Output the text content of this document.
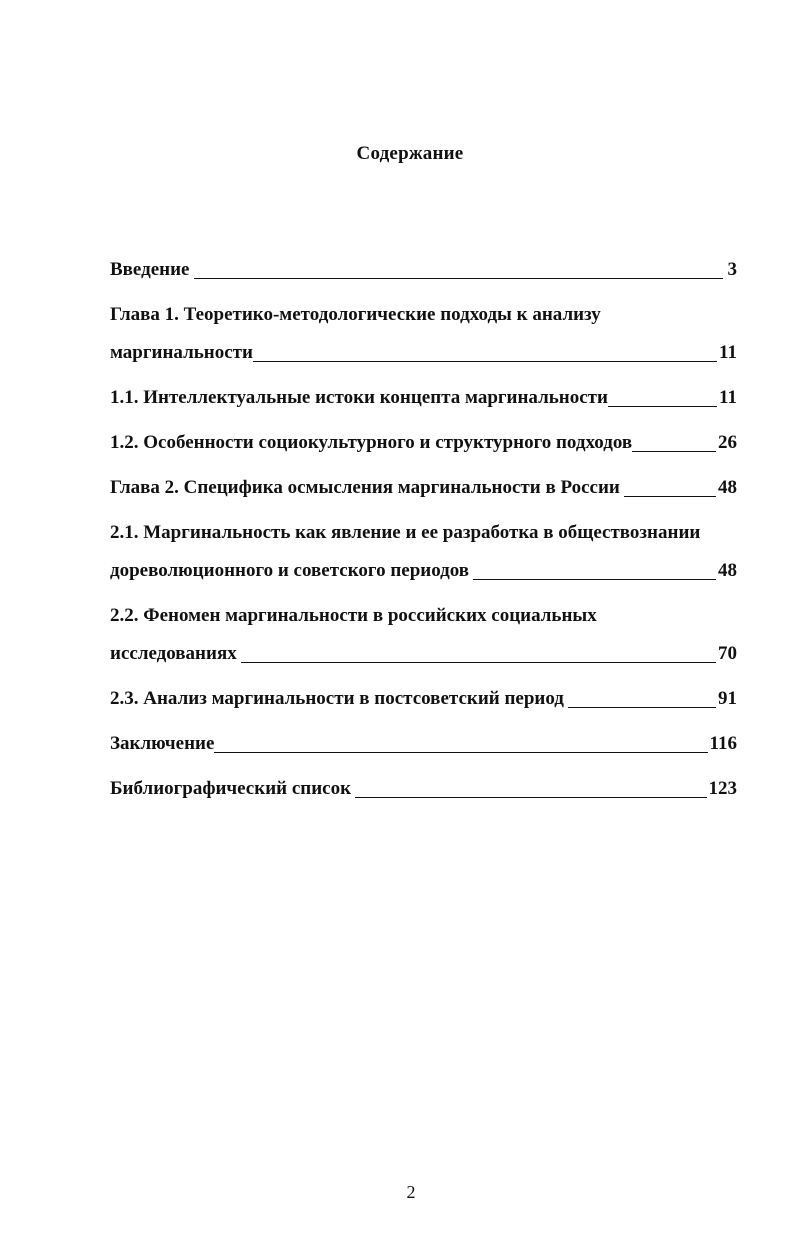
Содержание
Введение	3
Глава 1. Теоретико-методологические подходы к анализу
маргинальности	11
1.1. Интеллектуальные истоки концепта маргинальности	11
1.2. Особенности социокультурного и структурного подходов	26
Глава 2. Специфика осмысления маргинальности в России	48
2.1. Маргинальность как явление и ее разработка в обществознании
дореволюционного и советского периодов	48
2.2. Феномен маргинальности в российских социальных
исследованиях	70
2.3. Анализ маргинальности в постсоветский период	91
Заключение	116
Библиографический список	123
2
